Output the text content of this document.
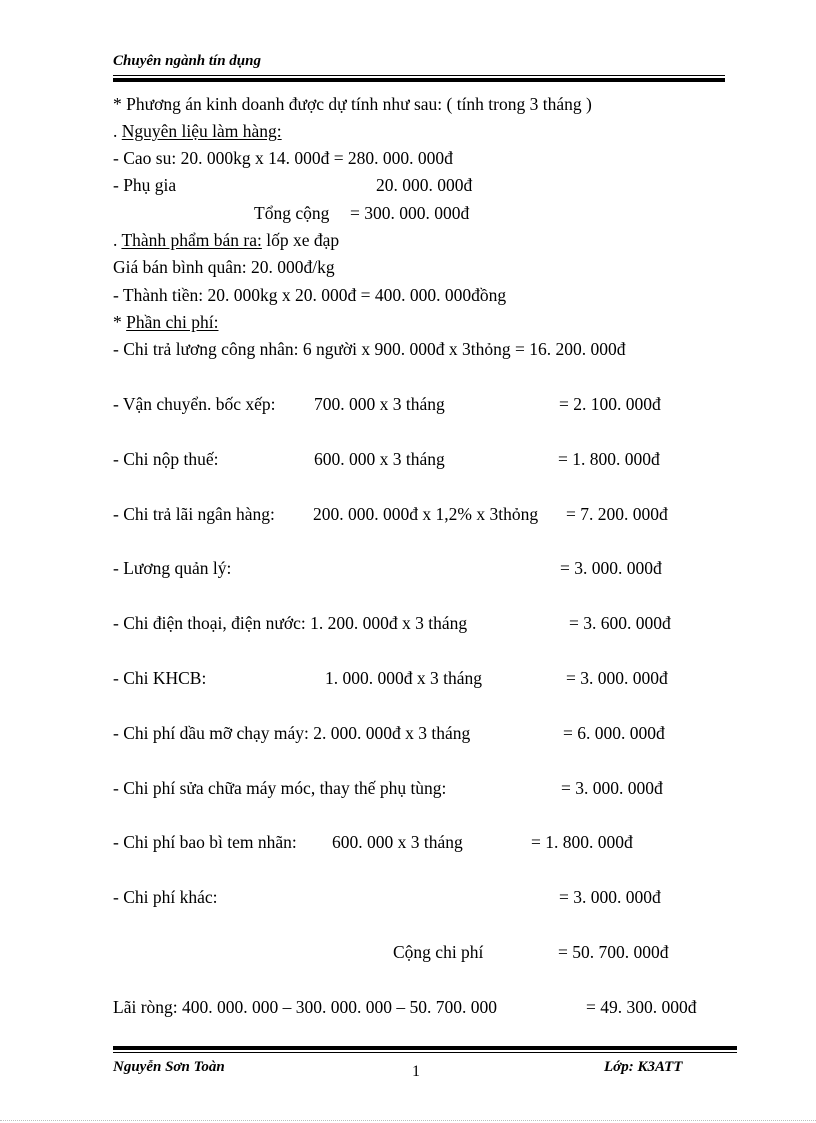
Chuyên ngành tín dụng
* Phương án kinh doanh được dự tính như sau: ( tính trong 3 tháng )
. Nguyên liệu làm hàng:
- Cao su: 20. 000kg x 14. 000đ = 280. 000. 000đ
- Phụ gia	20. 000. 000đ
Tổng cộng = 300. 000. 000đ
. Thành phẩm bán ra: lốp xe đạp
Giá bán bình quân: 20. 000đ/kg
- Thành tiền: 20. 000kg x 20. 000đ = 400. 000. 000đồng
* Phần chi phí:
- Chi trả lương công nhân: 6 người x 900. 000đ x 3thỏng = 16. 200. 000đ
- Vận chuyển. bốc xếp: 700. 000 x 3 tháng	= 2. 100. 000đ
- Chi nộp thuế:	600. 000 x 3 tháng	= 1. 800. 000đ
- Chi trả lãi ngân hàng: 200. 000. 000đ x 1,2% x 3thỏng = 7. 200. 000đ
- Lương quản lý:	= 3. 000. 000đ
- Chi điện thoại, điện nước: 1. 200. 000đ x 3 tháng	= 3. 600. 000đ
- Chi KHCB:	1. 000. 000đ x 3 tháng	= 3. 000. 000đ
- Chi phí dầu mỡ chạy máy: 2. 000. 000đ x 3 tháng	= 6. 000. 000đ
- Chi phí sửa chữa máy móc, thay thế phụ tùng:	= 3. 000. 000đ
- Chi phí bao bì tem nhãn: 600. 000 x 3 tháng	= 1. 800. 000đ
- Chi phí khác:	= 3. 000. 000đ
Cộng chi phí	= 50. 700. 000đ
Lãi ròng: 400. 000. 000 – 300. 000. 000 – 50. 700. 000	= 49. 300. 000đ
Nguyễn Sơn Toàn	1	Lớp: K3ATT
